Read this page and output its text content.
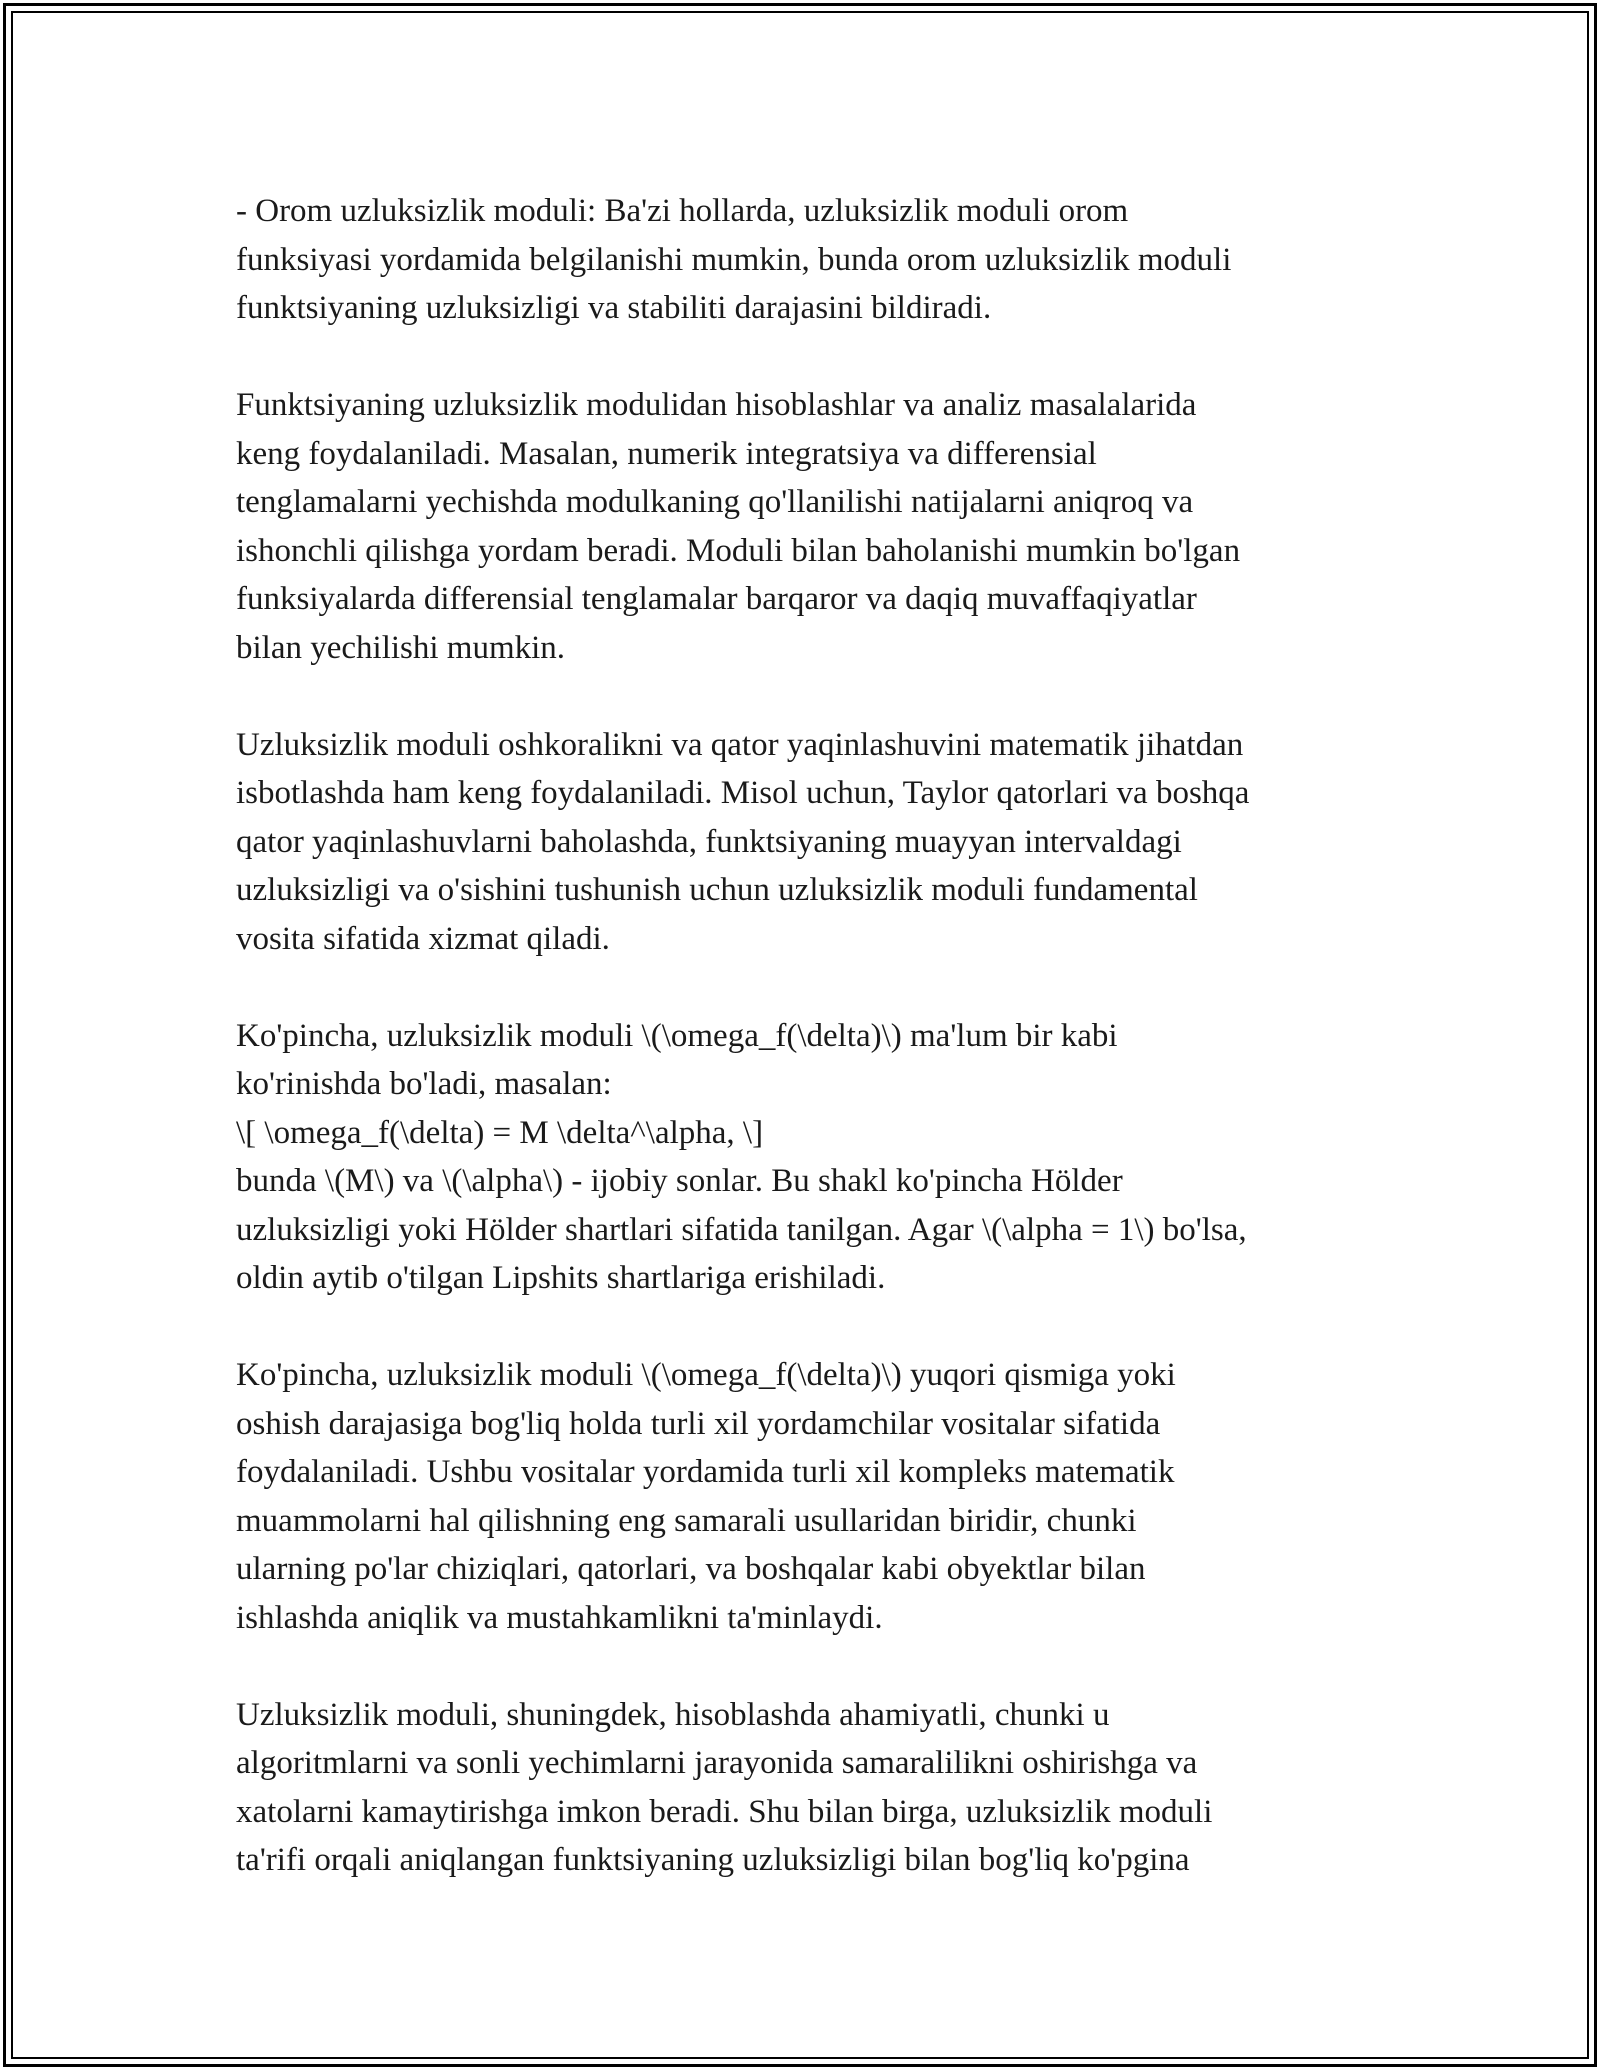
- Orom uzluksizlik moduli: Ba'zi hollarda, uzluksizlik moduli orom
funksiyasi yordamida belgilanishi mumkin, bunda orom uzluksizlik moduli
funktsiyaning uzluksizligi va stabiliti darajasini bildiradi.

Funktsiyaning uzluksizlik modulidan hisoblashlar va analiz masalalarida
keng foydalaniladi. Masalan, numerik integratsiya va differensial
tenglamalarni yechishda modulkaning qo'llanilishi natijalarni aniqroq va
ishonchli qilishga yordam beradi. Moduli bilan baholanishi mumkin bo'lgan
funksiyalarda differensial tenglamalar barqaror va daqiq muvaffaqiyatlar
bilan yechilishi mumkin.

Uzluksizlik moduli oshkoralikni va qator yaqinlashuvini matematik jihatdan
isbotlashda ham keng foydalaniladi. Misol uchun, Taylor qatorlari va boshqa
qator yaqinlashuvlarni baholashda, funktsiyaning muayyan intervaldagi
uzluksizligi va o'sishini tushunish uchun uzluksizlik moduli fundamental
vosita sifatida xizmat qiladi.

Ko'pincha, uzluksizlik moduli \(\omega_f(\delta)\) ma'lum bir kabi
ko'rinishda bo'ladi, masalan:
\[ \omega_f(\delta) = M \delta^\alpha, \]
bunda \(M\) va \(\alpha\) - ijobiy sonlar. Bu shakl ko'pincha Hölder
uzluksizligi yoki Hölder shartlari sifatida tanilgan. Agar \(\alpha = 1\) bo'lsa,
oldin aytib o'tilgan Lipshits shartlariga erishiladi.

Ko'pincha, uzluksizlik moduli \(\omega_f(\delta)\) yuqori qismiga yoki
oshish darajasiga bog'liq holda turli xil yordamchilar vositalar sifatida
foydalaniladi. Ushbu vositalar yordamida turli xil kompleks matematik
muammolarni hal qilishning eng samarali usullaridan biridir, chunki
ularning po'lar chiziqlari, qatorlari, va boshqalar kabi obyektlar bilan
ishlashda aniqlik va mustahkamlikni ta'minlaydi.

Uzluksizlik moduli, shuningdek, hisoblashda ahamiyatli, chunki u
algoritmlarni va sonli yechimlarni jarayonida samaralilikni oshirishga va
xatolarni kamaytirishga imkon beradi. Shu bilan birga, uzluksizlik moduli
ta'rifi orqali aniqlangan funktsiyaning uzluksizligi bilan bog'liq ko'pgina
